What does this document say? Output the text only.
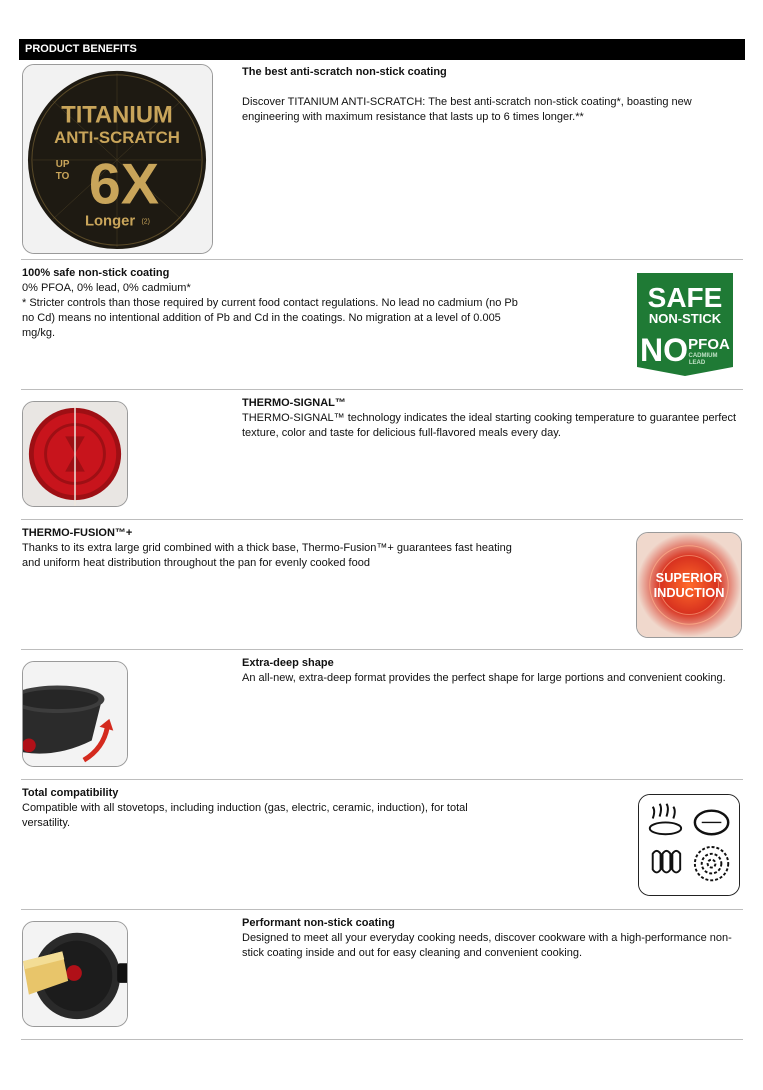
PRODUCT BENEFITS
TITANIUM
ANTI-SCRATCH
UP
TO 6X
Longer (2)
The best anti-scratch non-stick coating
Discover TITANIUM ANTI-SCRATCH: The best anti-scratch non-stick coating*, boasting new engineering with maximum resistance that lasts up to 6 times longer.**
100% safe non-stick coating
0% PFOA, 0% lead, 0% cadmium*
* Stricter controls than those required by current food contact regulations. No lead no cadmium (no Pb no Cd) means no intentional addition of Pb and Cd in the coatings. No migration at a level of 0.005 mg/kg.
SAFE
NON-STICK
NO PFOA
CADMIUM
LEAD
THERMO-SIGNAL™
THERMO-SIGNAL™ technology indicates the ideal starting cooking temperature to guarantee perfect texture, color and taste for delicious full-flavored meals every day.
THERMO-FUSION™+
Thanks to its extra large grid combined with a thick base, Thermo-Fusion™+ guarantees fast heating and uniform heat distribution throughout the pan for evenly cooked food
SUPERIOR
INDUCTION
Extra-deep shape
An all-new, extra-deep format provides the perfect shape for large portions and convenient cooking.
Total compatibility
Compatible with all stovetops, including induction (gas, electric, ceramic, induction), for total versatility.
Performant non-stick coating
Designed to meet all your everyday cooking needs, discover cookware with a high-performance non-stick coating inside and out for easy cleaning and convenient cooking.
